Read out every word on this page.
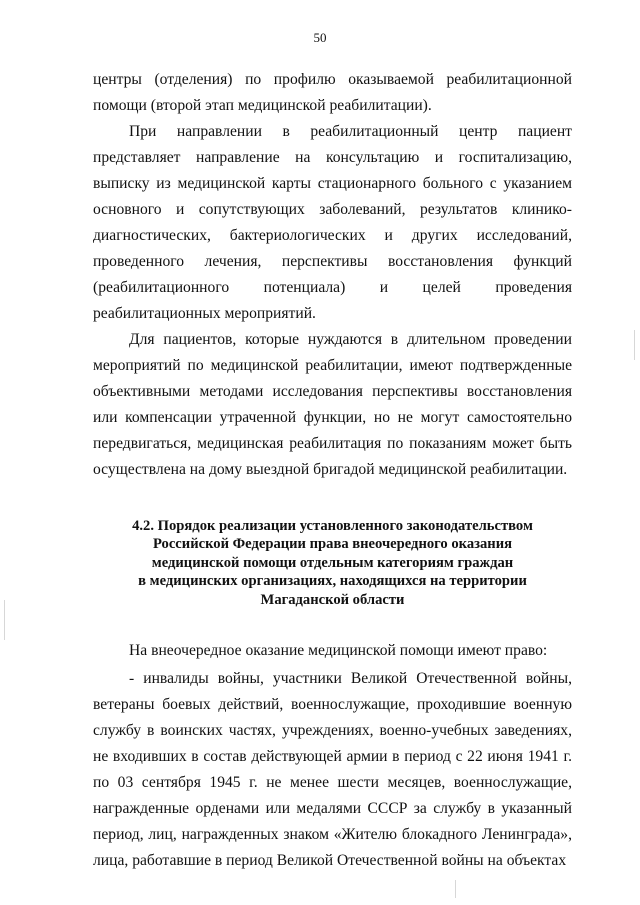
50

центры (отделения) по профилю оказываемой реабилитационной помощи (второй этап медицинской реабилитации).

При направлении в реабилитационный центр пациент представляет направление на консультацию и госпитализацию, выписку из медицинской карты стационарного больного с указанием основного и сопутствующих заболеваний, результатов клинико-диагностических, бактериологических и других исследований, проведенного лечения, перспективы восстановления функций (реабилитационного потенциала) и целей проведения реабилитационных мероприятий.

Для пациентов, которые нуждаются в длительном проведении мероприятий по медицинской реабилитации, имеют подтвержденные объективными методами исследования перспективы восстановления или компенсации утраченной функции, но не могут самостоятельно передвигаться, медицинская реабилитация по показаниям может быть осуществлена на дому выездной бригадой медицинской реабилитации.

4.2. Порядок реализации установленного законодательством
Российской Федерации права внеочередного оказания
медицинской помощи отдельным категориям граждан
в медицинских организациях, находящихся на территории
Магаданской области

На внеочередное оказание медицинской помощи имеют право:

- инвалиды войны, участники Великой Отечественной войны, ветераны боевых действий, военнослужащие, проходившие военную службу в воинских частях, учреждениях, военно-учебных заведениях, не входивших в состав действующей армии в период с 22 июня 1941 г. по 03 сентября 1945 г. не менее шести месяцев, военнослужащие, награжденные орденами или медалями СССР за службу в указанный период, лиц, награжденных знаком «Жителю блокадного Ленинграда», лица, работавшие в период Великой Отечественной войны на объектах
